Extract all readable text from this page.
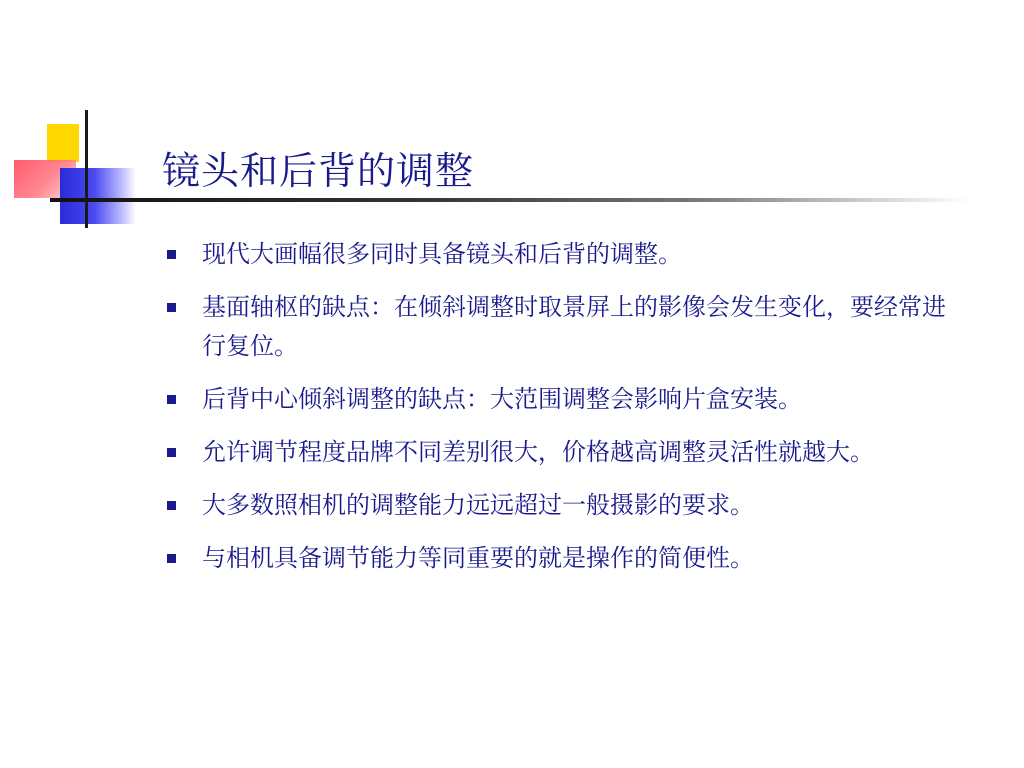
镜头和后背的调整
现代大画幅很多同时具备镜头和后背的调整。
基面轴枢的缺点：在倾斜调整时取景屏上的影像会发生变化，要经常进行复位。
后背中心倾斜调整的缺点：大范围调整会影响片盒安装。
允许调节程度品牌不同差别很大，价格越高调整灵活性就越大。
大多数照相机的调整能力远远超过一般摄影的要求。
与相机具备调节能力等同重要的就是操作的简便性。
